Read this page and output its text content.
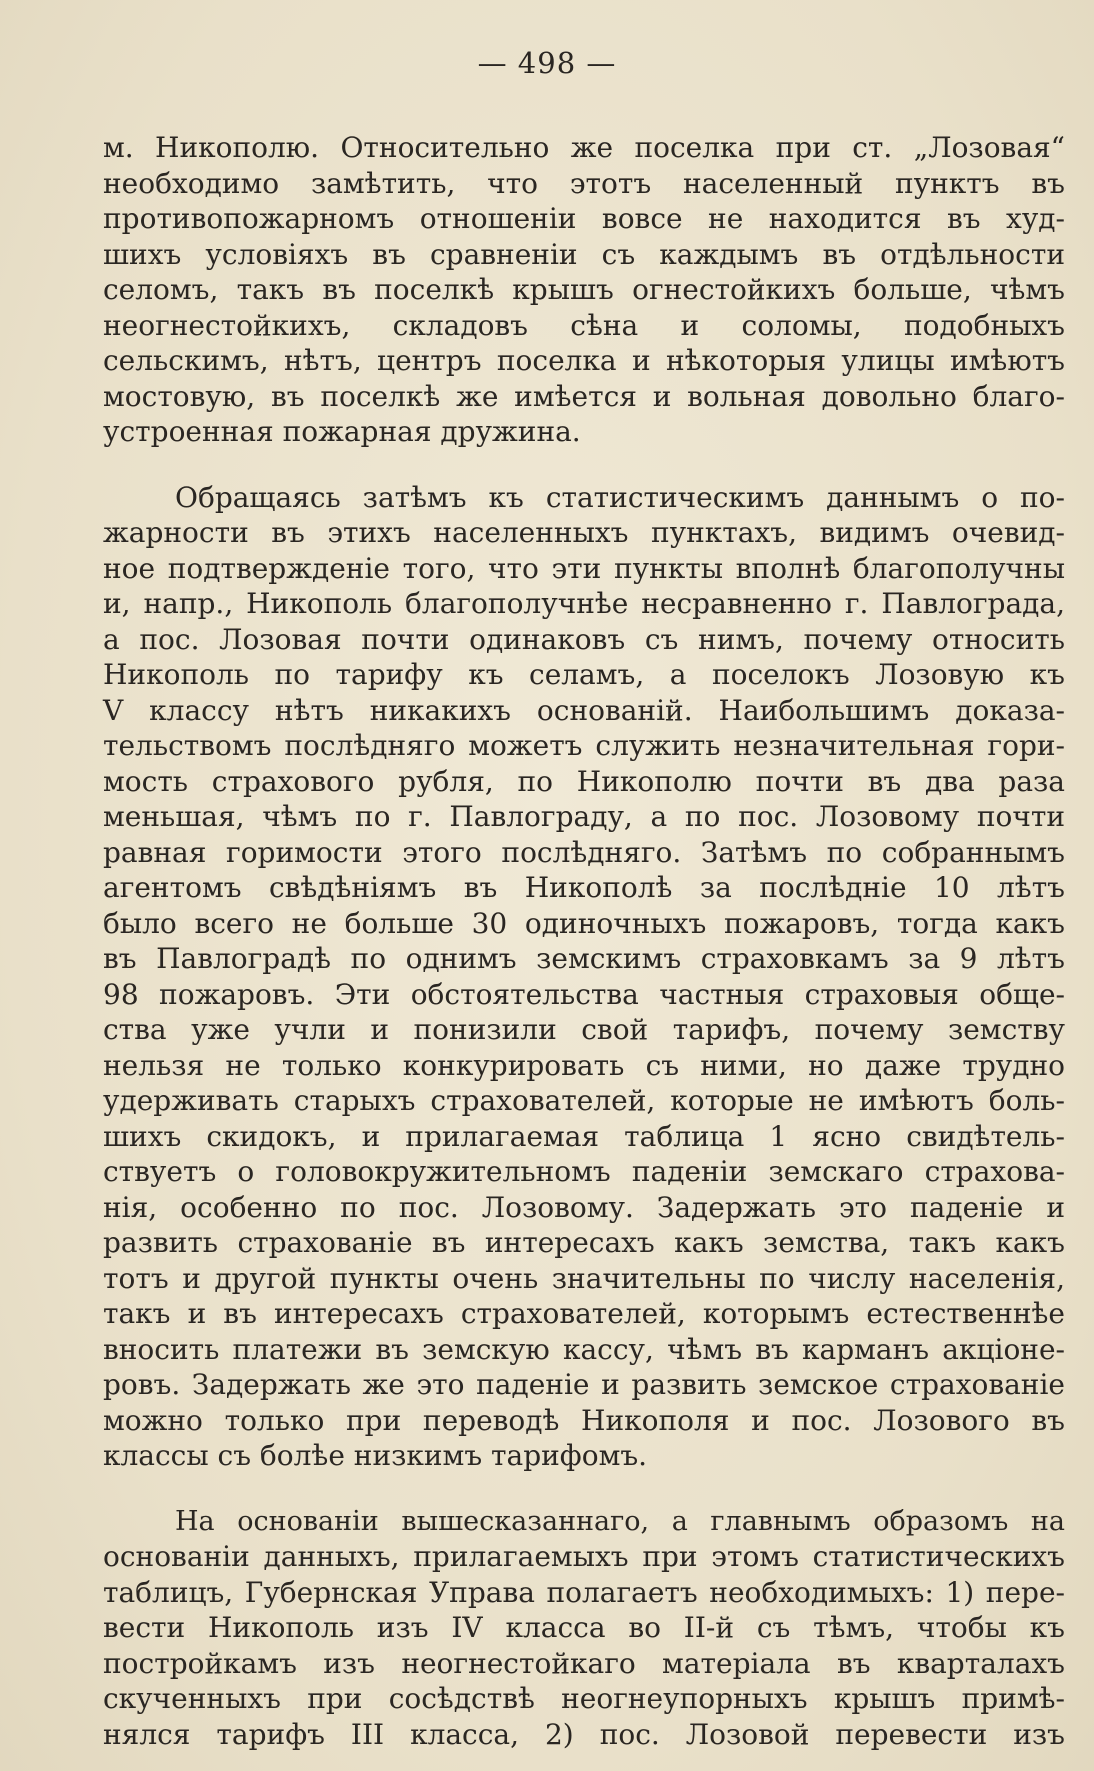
— 498 —
м. Никополю. Относительно же поселка при ст. „Лозовая“
необходимо замѣтить, что этотъ населенный пунктъ въ
противопожарномъ отношеніи вовсе не находится въ худ-
шихъ условіяхъ въ сравненіи съ каждымъ въ отдѣльности
селомъ, такъ въ поселкѣ крышъ огнестойкихъ больше, чѣмъ
неогнестойкихъ, складовъ сѣна и соломы, подобныхъ
сельскимъ, нѣтъ, центръ поселка и нѣкоторыя улицы имѣютъ
мостовую, въ поселкѣ же имѣется и вольная довольно благо-
устроенная пожарная дружина.
Обращаясь затѣмъ къ статистическимъ даннымъ о по-
жарности въ этихъ населенныхъ пунктахъ, видимъ очевид-
ное подтвержденіе того, что эти пункты вполнѣ благополучны
и, напр., Никополь благополучнѣе несравненно г. Павлограда,
а пос. Лозовая почти одинаковъ съ нимъ, почему относить
Никополь по тарифу къ селамъ, а поселокъ Лозовую къ
V классу нѣтъ никакихъ основаній. Наибольшимъ доказа-
тельствомъ послѣдняго можетъ служить незначительная гори-
мость страхового рубля, по Никополю почти въ два раза
меньшая, чѣмъ по г. Павлограду, а по пос. Лозовому почти
равная горимости этого послѣдняго. Затѣмъ по собраннымъ
агентомъ свѣдѣніямъ въ Никополѣ за послѣдніе 10 лѣтъ
было всего не больше 30 одиночныхъ пожаровъ, тогда какъ
въ Павлоградѣ по однимъ земскимъ страховкамъ за 9 лѣтъ
98 пожаровъ. Эти обстоятельства частныя страховыя обще-
ства уже учли и понизили свой тарифъ, почему земству
нельзя не только конкурировать съ ними, но даже трудно
удерживать старыхъ страхователей, которые не имѣютъ боль-
шихъ скидокъ, и прилагаемая таблица 1 ясно свидѣтель-
ствуетъ о головокружительномъ паденіи земскаго страхова-
нія, особенно по пос. Лозовому. Задержать это паденіе и
развить страхованіе въ интересахъ какъ земства, такъ какъ
тотъ и другой пункты очень значительны по числу населенія,
такъ и въ интересахъ страхователей, которымъ естественнѣе
вносить платежи въ земскую кассу, чѣмъ въ карманъ акціоне-
ровъ. Задержать же это паденіе и развить земское страхованіе
можно только при переводѣ Никополя и пос. Лозового въ
классы съ болѣе низкимъ тарифомъ.
На основаніи вышесказаннаго, а главнымъ образомъ на
основаніи данныхъ, прилагаемыхъ при этомъ статистическихъ
таблицъ, Губернская Управа полагаетъ необходимыхъ: 1) пере-
вести Никополь изъ IV класса во II-й съ тѣмъ, чтобы къ
постройкамъ изъ неогнестойкаго матеріала въ кварталахъ
скученныхъ при сосѣдствѣ неогнеупорныхъ крышъ примѣ-
нялся тарифъ III класса, 2) пос. Лозовой перевести изъ
